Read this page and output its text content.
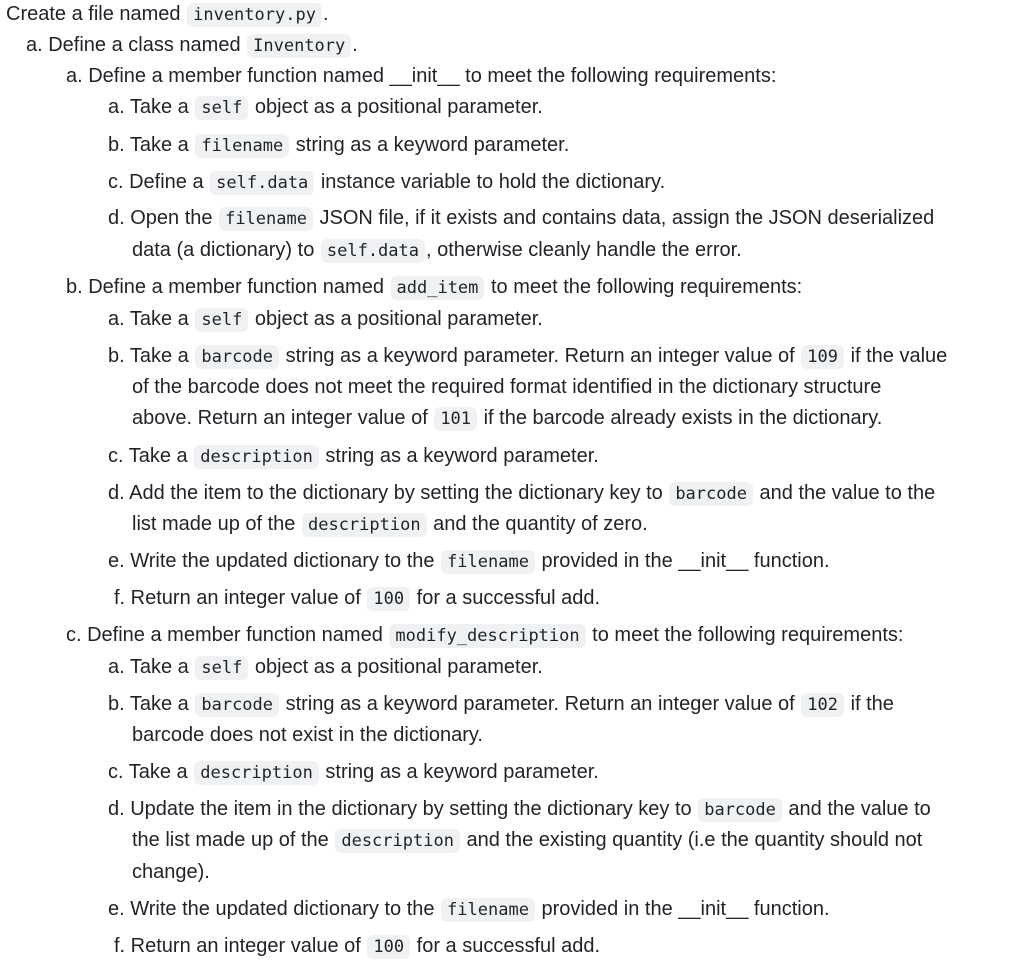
Create a file named inventory.py .
a. Define a class named Inventory .
a. Define a member function named __init__ to meet the following requirements:
a. Take a self object as a positional parameter.
b. Take a filename string as a keyword parameter.
c. Define a self.data instance variable to hold the dictionary.
d. Open the filename JSON file, if it exists and contains data, assign the JSON deserialized
data (a dictionary) to self.data , otherwise cleanly handle the error.
b. Define a member function named add_item to meet the following requirements:
a. Take a self object as a positional parameter.
b. Take a barcode string as a keyword parameter. Return an integer value of 109 if the value
of the barcode does not meet the required format identified in the dictionary structure
above. Return an integer value of 101 if the barcode already exists in the dictionary.
c. Take a description string as a keyword parameter.
d. Add the item to the dictionary by setting the dictionary key to barcode and the value to the
list made up of the description and the quantity of zero.
e. Write the updated dictionary to the filename provided in the __init__ function.
f. Return an integer value of 100 for a successful add.
c. Define a member function named modify_description to meet the following requirements:
a. Take a self object as a positional parameter.
b. Take a barcode string as a keyword parameter. Return an integer value of 102 if the
barcode does not exist in the dictionary.
c. Take a description string as a keyword parameter.
d. Update the item in the dictionary by setting the dictionary key to barcode and the value to
the list made up of the description and the existing quantity (i.e the quantity should not
change).
e. Write the updated dictionary to the filename provided in the __init__ function.
f. Return an integer value of 100 for a successful add.
